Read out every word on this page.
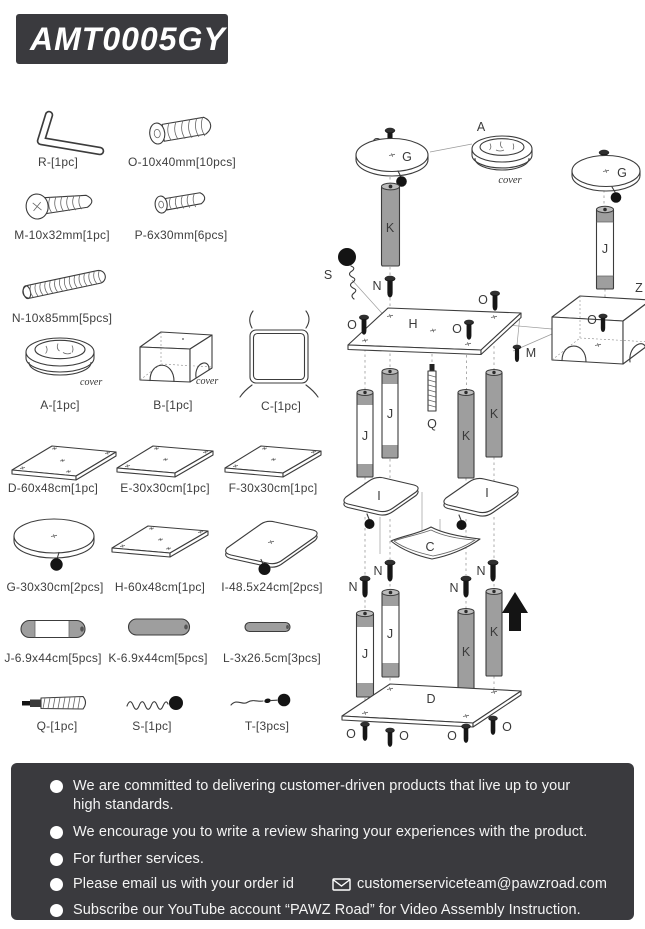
AMT0005GY
cover	cover
R-[1pc]	O-10x40mm[10pcs]
M-10x32mm[1pc]	P-6x30mm[6pcs]
N-10x85mm[5pcs]
A-[1pc]	B-[1pc]	C-[1pc]
D-60x48cm[1pc]	E-30x30cm[1pc]	F-30x30cm[1pc]
G-30x30cm[2pcs] H-60x48cm[1pc]	I-48.5x24cm[2pcs]
J-6.9x44cm[5pcs] K-6.9x44cm[5pcs]	L-3x26.5cm[3pcs]
Q-[1pc]	S-[1pc]	T-[3pcs]
S
G
K
N
A
cover
G
J
Z
O
H
O
O
O
M
Q
J
J
K
K
I	I
C
N
N
N
N
J
J
K
K
D
O	O	O
O
We are committed to delivering customer-driven products that live up to your
high standards.
We encourage you to write a review sharing your experiences with the product.
For further services.
Please email us with your order id	customerserviceteam@pawzroad.com
Subscribe our YouTube account “PAWZ Road” for Video Assembly Instruction.
